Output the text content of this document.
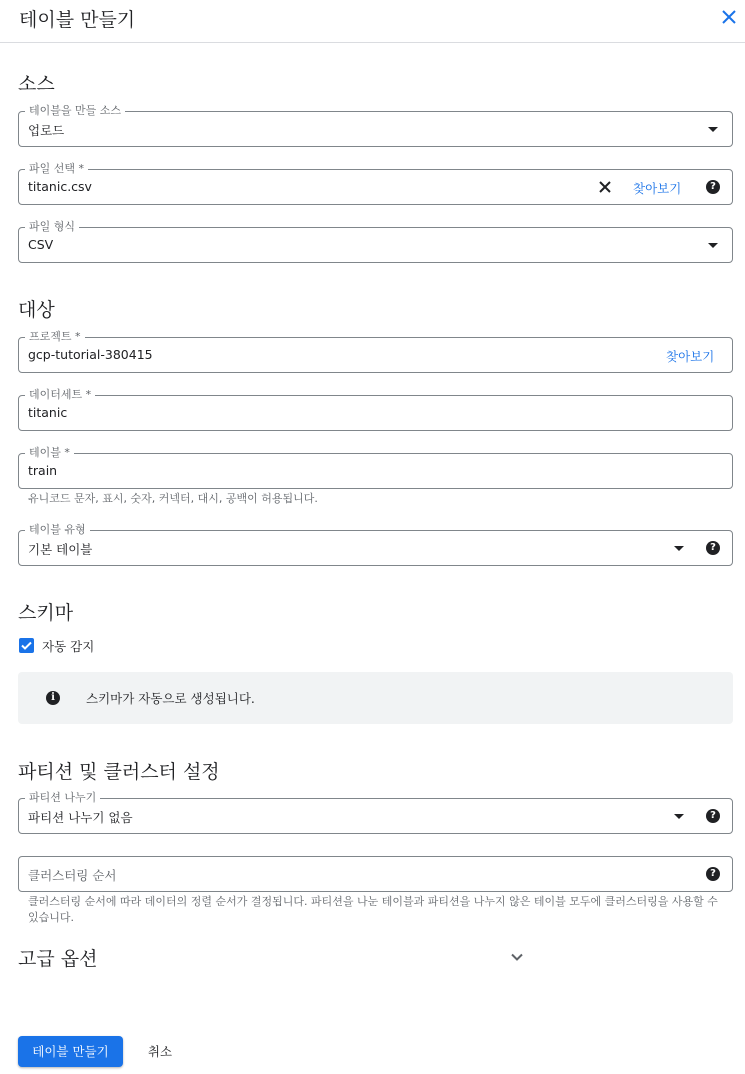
테이블 만들기
소스
테이블을 만들 소스
업로드
파일 선택 *
titanic.csv	찾아보기	?
파일 형식
CSV
대상
프로젝트 *
gcp-tutorial-380415	찾아보기
데이터세트 *
titanic
테이블 *
train
유니코드 문자, 표시, 숫자, 커넥터, 대시, 공백이 허용됩니다.
테이블 유형
기본 테이블	?
스키마
자동 감지
i	스키마가 자동으로 생성됩니다.
파티션 및 클러스터 설정
파티션 나누기
파티션 나누기 없음	?
클러스터링 순서	?
클러스터링 순서에 따라 데이터의 정렬 순서가 결정됩니다. 파티션을 나눈 테이블과 파티션을 나누지 않은 테이블 모두에 클러스터링을 사용할 수 있습니다.
고급 옵션
테이블 만들기	취소
